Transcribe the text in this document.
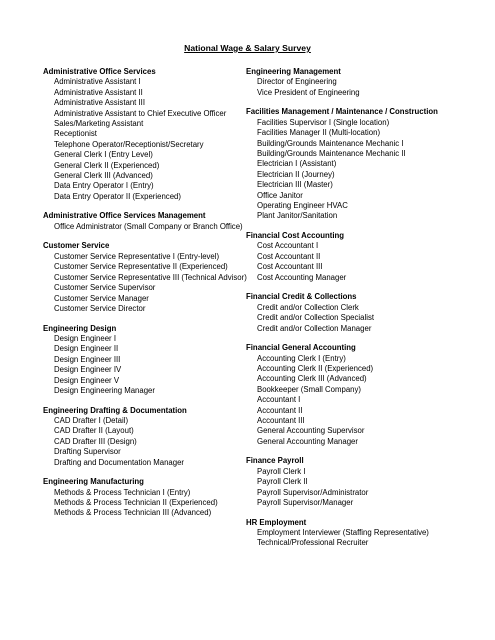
National Wage & Salary Survey
Administrative Office Services
Administrative Assistant I
Administrative Assistant II
Administrative Assistant III
Administrative Assistant to Chief Executive Officer
Sales/Marketing Assistant
Receptionist
Telephone Operator/Receptionist/Secretary
General Clerk I (Entry Level)
General Clerk II (Experienced)
General Clerk III (Advanced)
Data Entry Operator I (Entry)
Data Entry Operator II (Experienced)
Administrative Office Services Management
Office Administrator (Small Company or Branch Office)
Customer Service
Customer Service Representative I (Entry-level)
Customer Service Representative II (Experienced)
Customer Service Representative III (Technical Advisor)
Customer Service Supervisor
Customer Service Manager
Customer Service Director
Engineering Design
Design Engineer I
Design Engineer II
Design Engineer III
Design Engineer IV
Design Engineer V
Design Engineering Manager
Engineering Drafting & Documentation
CAD Drafter I (Detail)
CAD Drafter II (Layout)
CAD Drafter III (Design)
Drafting Supervisor
Drafting and Documentation Manager
Engineering Manufacturing
Methods & Process Technician I (Entry)
Methods & Process Technician II (Experienced)
Methods & Process Technician III (Advanced)
Engineering Management
Director of Engineering
Vice President of Engineering
Facilities Management / Maintenance / Construction
Facilities Supervisor I (Single location)
Facilities Manager II (Multi-location)
Building/Grounds Maintenance Mechanic I
Building/Grounds Maintenance Mechanic II
Electrician I (Assistant)
Electrician II (Journey)
Electrician III (Master)
Office Janitor
Operating Engineer HVAC
Plant Janitor/Sanitation
Financial Cost Accounting
Cost Accountant I
Cost Accountant II
Cost Accountant III
Cost Accounting Manager
Financial Credit & Collections
Credit and/or Collection Clerk
Credit and/or Collection Specialist
Credit and/or Collection Manager
Financial General Accounting
Accounting Clerk I (Entry)
Accounting Clerk II (Experienced)
Accounting Clerk III (Advanced)
Bookkeeper (Small Company)
Accountant I
Accountant II
Accountant III
General Accounting Supervisor
General Accounting Manager
Finance Payroll
Payroll Clerk I
Payroll Clerk II
Payroll Supervisor/Administrator
Payroll Supervisor/Manager
HR Employment
Employment Interviewer (Staffing Representative)
Technical/Professional Recruiter
